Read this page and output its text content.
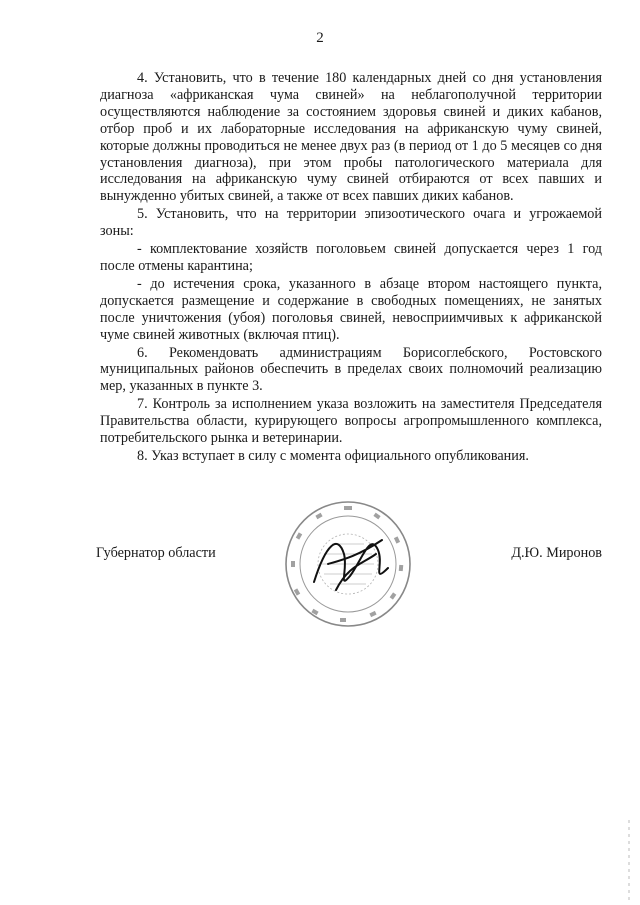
2

4. Установить, что в течение 180 календарных дней со дня установления диагноза «африканская чума свиней» на неблагополучной территории осуществляются наблюдение за состоянием здоровья свиней и диких кабанов, отбор проб и их лабораторные исследования на африканскую чуму свиней, которые должны проводиться не менее двух раз (в период от 1 до 5 месяцев со дня установления диагноза), при этом пробы патологического материала для исследования на африканскую чуму свиней отбираются от всех павших и вынужденно убитых свиней, а также от всех павших диких кабанов.

5. Установить, что на территории эпизоотического очага и угрожаемой зоны:

- комплектование хозяйств поголовьем свиней допускается через 1 год после отмены карантина;

- до истечения срока, указанного в абзаце втором настоящего пункта, допускается размещение и содержание в свободных помещениях, не занятых после уничтожения (убоя) поголовья свиней, невосприимчивых к африканской чуме свиней животных (включая птиц).

6. Рекомендовать администрациям Борисоглебского, Ростовского муниципальных районов обеспечить в пределах своих полномочий реализацию мер, указанных в пункте 3.

7. Контроль за исполнением указа возложить на заместителя Председателя Правительства области, курирующего вопросы агропромышленного комплекса, потребительского рынка и ветеринарии.

8. Указ вступает в силу с момента официального опубликования.

Губернатор области	Д.Ю. Миронов
